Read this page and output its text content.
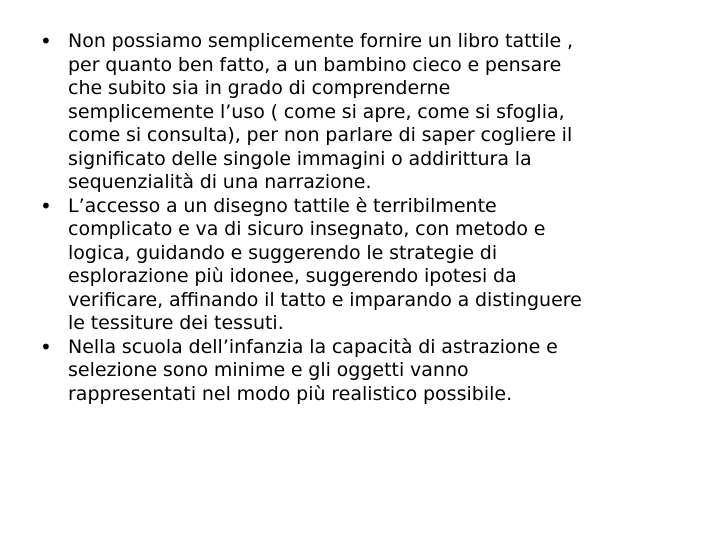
• Non possiamo semplicemente fornire un libro tattile ,
per quanto ben fatto, a un bambino cieco e pensare
che subito sia in grado di comprenderne
semplicemente l’uso ( come si apre, come si sfoglia,
come si consulta), per non parlare di saper cogliere il
significato delle singole immagini o addirittura la
sequenzialità di una narrazione.
• L’accesso a un disegno tattile è terribilmente
complicato e va di sicuro insegnato, con metodo e
logica, guidando e suggerendo le strategie di
esplorazione più idonee, suggerendo ipotesi da
verificare, affinando il tatto e imparando a distinguere
le tessiture dei tessuti.
• Nella scuola dell’infanzia la capacità di astrazione e
selezione sono minime e gli oggetti vanno
rappresentati nel modo più realistico possibile.
